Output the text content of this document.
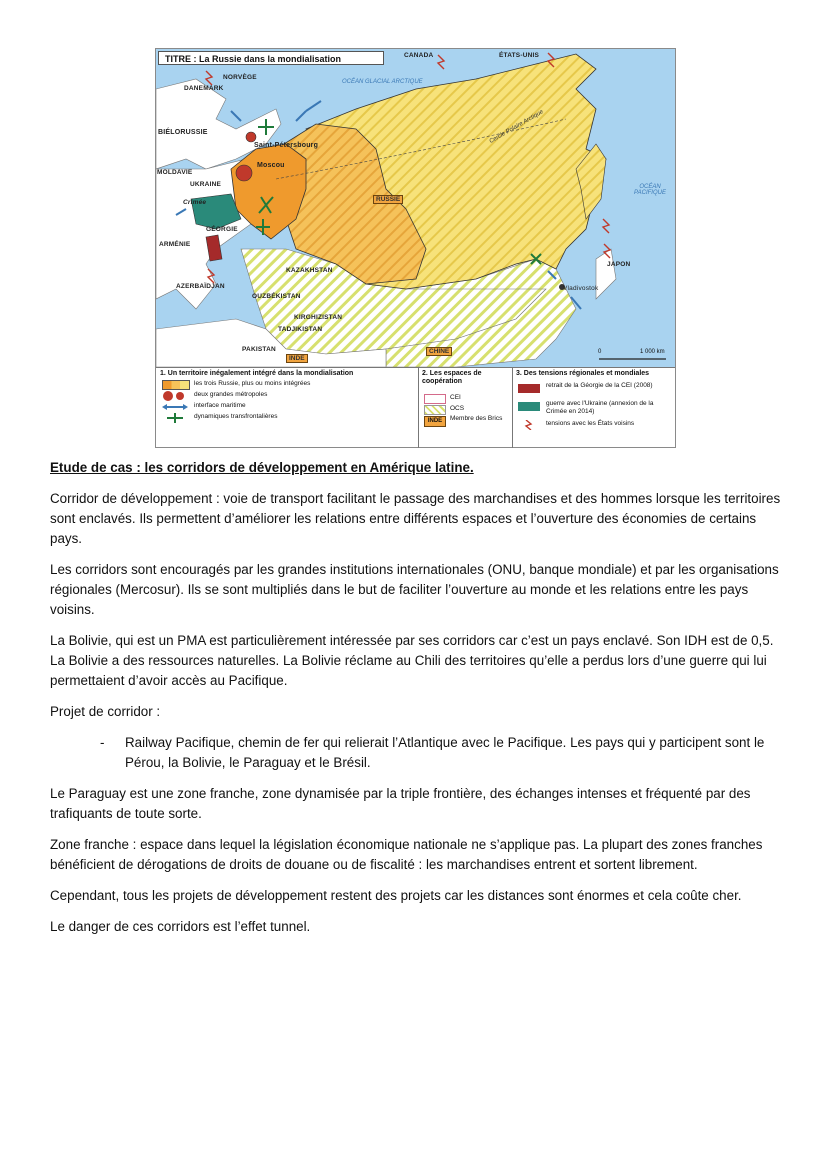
TITRE : La Russie dans la mondialisation	CANADA	ÉTATS-UNIS
NORVÈGE
DANEMARK
OCÉAN GLACIAL ARCTIQUE
Cercle Polaire Arctique
BIÉLORUSSIE
Saint-Pétersbourg
Moscou
MOLDAVIE
UKRAINE
Crimée
GÉORGIE
ARMÉNIE
RUSSIE
KAZAKHSTAN
AZERBAÏDJAN
OUZBÉKISTAN
KIRGHIZISTAN
TADJIKISTAN
PAKISTAN
INDE
CHINE
JAPON
Vladivostok
OCÉAN PACIFIQUE
0	1 000 km
1. Un territoire inégalement intégré dans la mondialisation
les trois Russie, plus ou moins intégrées
deux grandes métropoles
interface maritime
dynamiques transfrontalières
2. Les espaces de coopération
CEI
OCS
INDE	Membre des Brics
3. Des tensions régionales et mondiales
retrait de la Géorgie de la CEI (2008)
guerre avec l'Ukraine (annexion de la Crimée en 2014)
tensions avec les États voisins
Etude de cas : les corridors de développement en Amérique latine.

Corridor de développement : voie de transport facilitant le passage des marchandises et des hommes lorsque les territoires sont enclavés. Ils permettent d’améliorer les relations entre différents espaces et l’ouverture des économies de certains pays.

Les corridors sont encouragés par les grandes institutions internationales (ONU, banque mondiale) et par les organisations régionales (Mercosur). Ils se sont multipliés dans le but de faciliter l’ouverture au monde et les relations entre les pays voisins.

La Bolivie, qui est un PMA est particulièrement intéressée par ses corridors car c’est un pays enclavé. Son IDH est de 0,5. La Bolivie a des ressources naturelles. La Bolivie réclame au Chili des territoires qu’elle a perdus lors d’une guerre qui lui permettaient d’avoir accès au Pacifique.

Projet de corridor :

- Railway Pacifique, chemin de fer qui relierait l’Atlantique avec le Pacifique. Les pays qui y participent sont le Pérou, la Bolivie, le Paraguay et le Brésil.

Le Paraguay est une zone franche, zone dynamisée par la triple frontière, des échanges intenses et fréquenté par des trafiquants de toute sorte.

Zone franche : espace dans lequel la législation économique nationale ne s’applique pas. La plupart des zones franches bénéficient de dérogations de droits de douane ou de fiscalité : les marchandises entrent et sortent librement.

Cependant, tous les projets de développement restent des projets car les distances sont énormes et cela coûte cher.

Le danger de ces corridors est l’effet tunnel.
